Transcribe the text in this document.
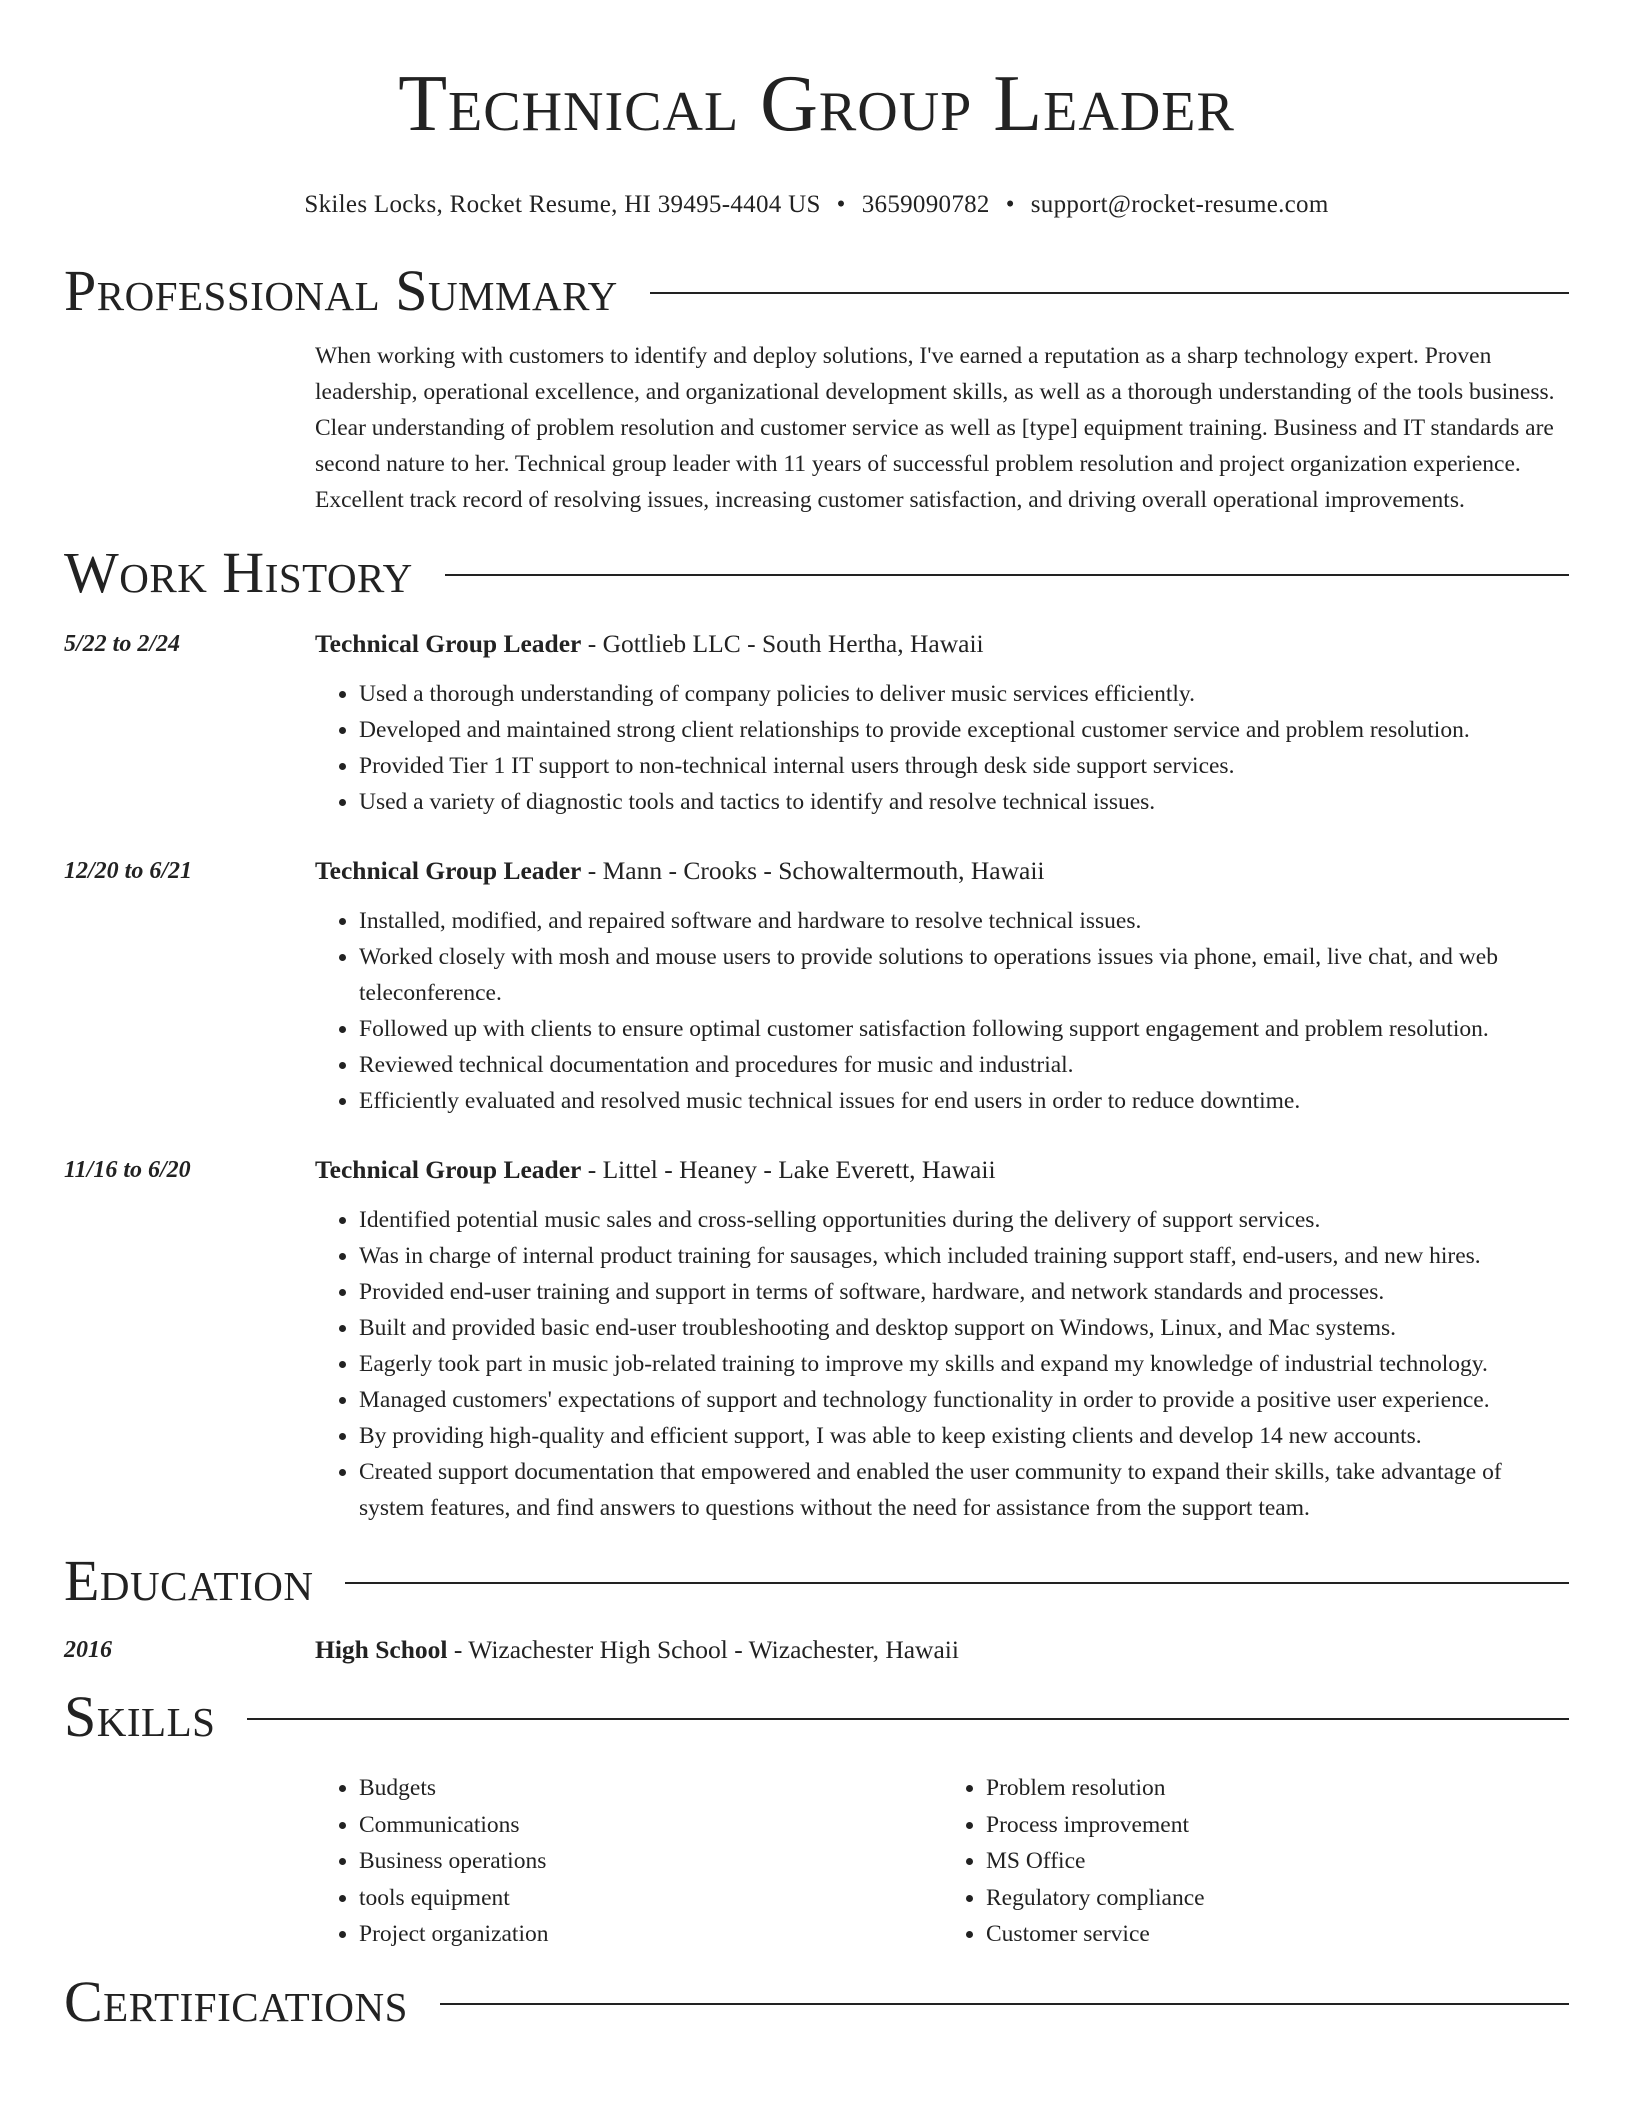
Technical Group Leader
Skiles Locks, Rocket Resume, HI 39495-4404 US • 3659090782 • support@rocket-resume.com
Professional Summary

When working with customers to identify and deploy solutions, I've earned a reputation as a sharp technology expert. Proven leadership, operational excellence, and organizational development skills, as well as a thorough understanding of the tools business. Clear understanding of problem resolution and customer service as well as [type] equipment training. Business and IT standards are second nature to her. Technical group leader with 11 years of successful problem resolution and project organization experience. Excellent track record of resolving issues, increasing customer satisfaction, and driving overall operational improvements.

Work History
5/22 to 2/24	Technical Group Leader - Gottlieb LLC - South Hertha, Hawaii
• Used a thorough understanding of company policies to deliver music services efficiently.
• Developed and maintained strong client relationships to provide exceptional customer service and problem resolution.
• Provided Tier 1 IT support to non-technical internal users through desk side support services.
• Used a variety of diagnostic tools and tactics to identify and resolve technical issues.
12/20 to 6/21	Technical Group Leader - Mann - Crooks - Schowaltermouth, Hawaii
• Installed, modified, and repaired software and hardware to resolve technical issues.
• Worked closely with mosh and mouse users to provide solutions to operations issues via phone, email, live chat, and web teleconference.
• Followed up with clients to ensure optimal customer satisfaction following support engagement and problem resolution.
• Reviewed technical documentation and procedures for music and industrial.
• Efficiently evaluated and resolved music technical issues for end users in order to reduce downtime.
11/16 to 6/20	Technical Group Leader - Littel - Heaney - Lake Everett, Hawaii
• Identified potential music sales and cross-selling opportunities during the delivery of support services.
• Was in charge of internal product training for sausages, which included training support staff, end-users, and new hires.
• Provided end-user training and support in terms of software, hardware, and network standards and processes.
• Built and provided basic end-user troubleshooting and desktop support on Windows, Linux, and Mac systems.
• Eagerly took part in music job-related training to improve my skills and expand my knowledge of industrial technology.
• Managed customers' expectations of support and technology functionality in order to provide a positive user experience.
• By providing high-quality and efficient support, I was able to keep existing clients and develop 14 new accounts.
• Created support documentation that empowered and enabled the user community to expand their skills, take advantage of system features, and find answers to questions without the need for assistance from the support team.
Education
2016	High School - Wizachester High School - Wizachester, Hawaii
Skills
• Budgets
• Communications
• Business operations
• tools equipment
• Project organization
• Problem resolution
• Process improvement
• MS Office
• Regulatory compliance
• Customer service
Certifications
